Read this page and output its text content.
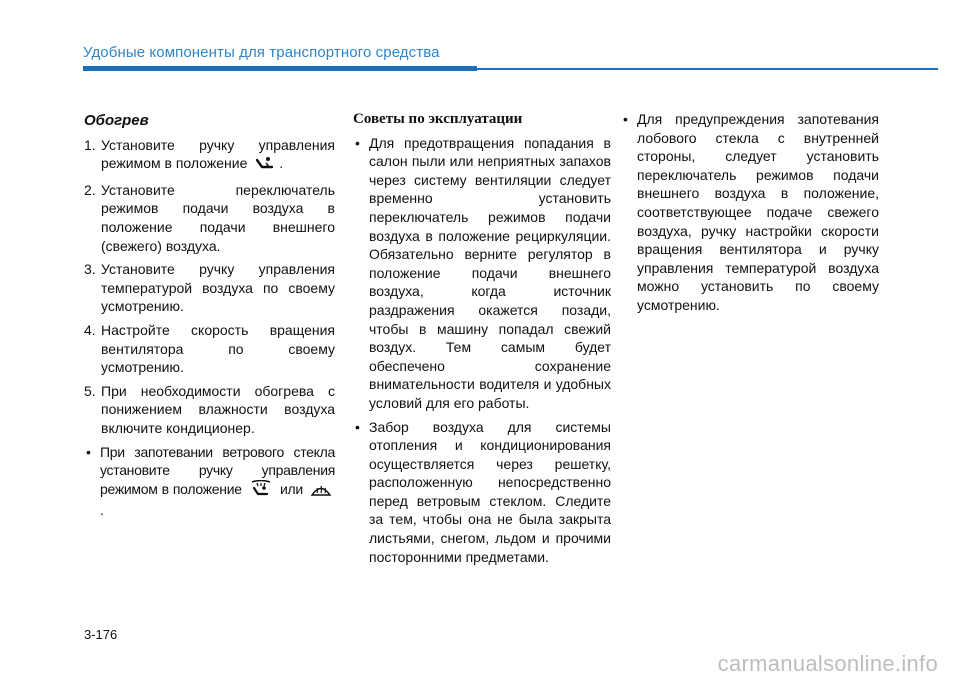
Удобные компоненты для транспортного средства
Обогрев
1. Установите ручку управления режимом в положение .
2. Установите переключатель режимов подачи воздуха в положение подачи внешнего (свежего) воздуха.
3. Установите ручку управления температурой воздуха по своему усмотрению.
4. Настройте скорость вращения вентилятора по своему усмотрению.
5. При необходимости обогрева с понижением влажности воздуха включите кондиционер.
• При запотевании ветрового стекла установите ручку управления режимом в положение	или .
Советы по эксплуатации
• Для предотвращения попадания в салон пыли или неприятных запахов через систему вентиляции следует временно установить переключатель режимов подачи воздуха в положение рециркуляции. Обязательно верните регулятор в положение подачи внешнего воздуха, когда источник раздражения окажется позади, чтобы в машину попадал свежий воздух. Тем самым будет обеспечено сохранение внимательности водителя и удобных условий для его работы.
• Забор воздуха для системы отопления и кондиционирования осуществляется через решетку, расположенную непосредственно перед ветровым стеклом. Следите за тем, чтобы она не была закрыта листьями, снегом, льдом и прочими посторонними предметами.
• Для предупреждения запотевания лобового стекла с внутренней стороны, следует установить переключатель режимов подачи внешнего воздуха в положение, соответствующее подаче свежего воздуха, ручку настройки скорости вращения вентилятора и ручку управления температурой воздуха можно установить по своему усмотрению.
3-176
carmanualsonline.info
